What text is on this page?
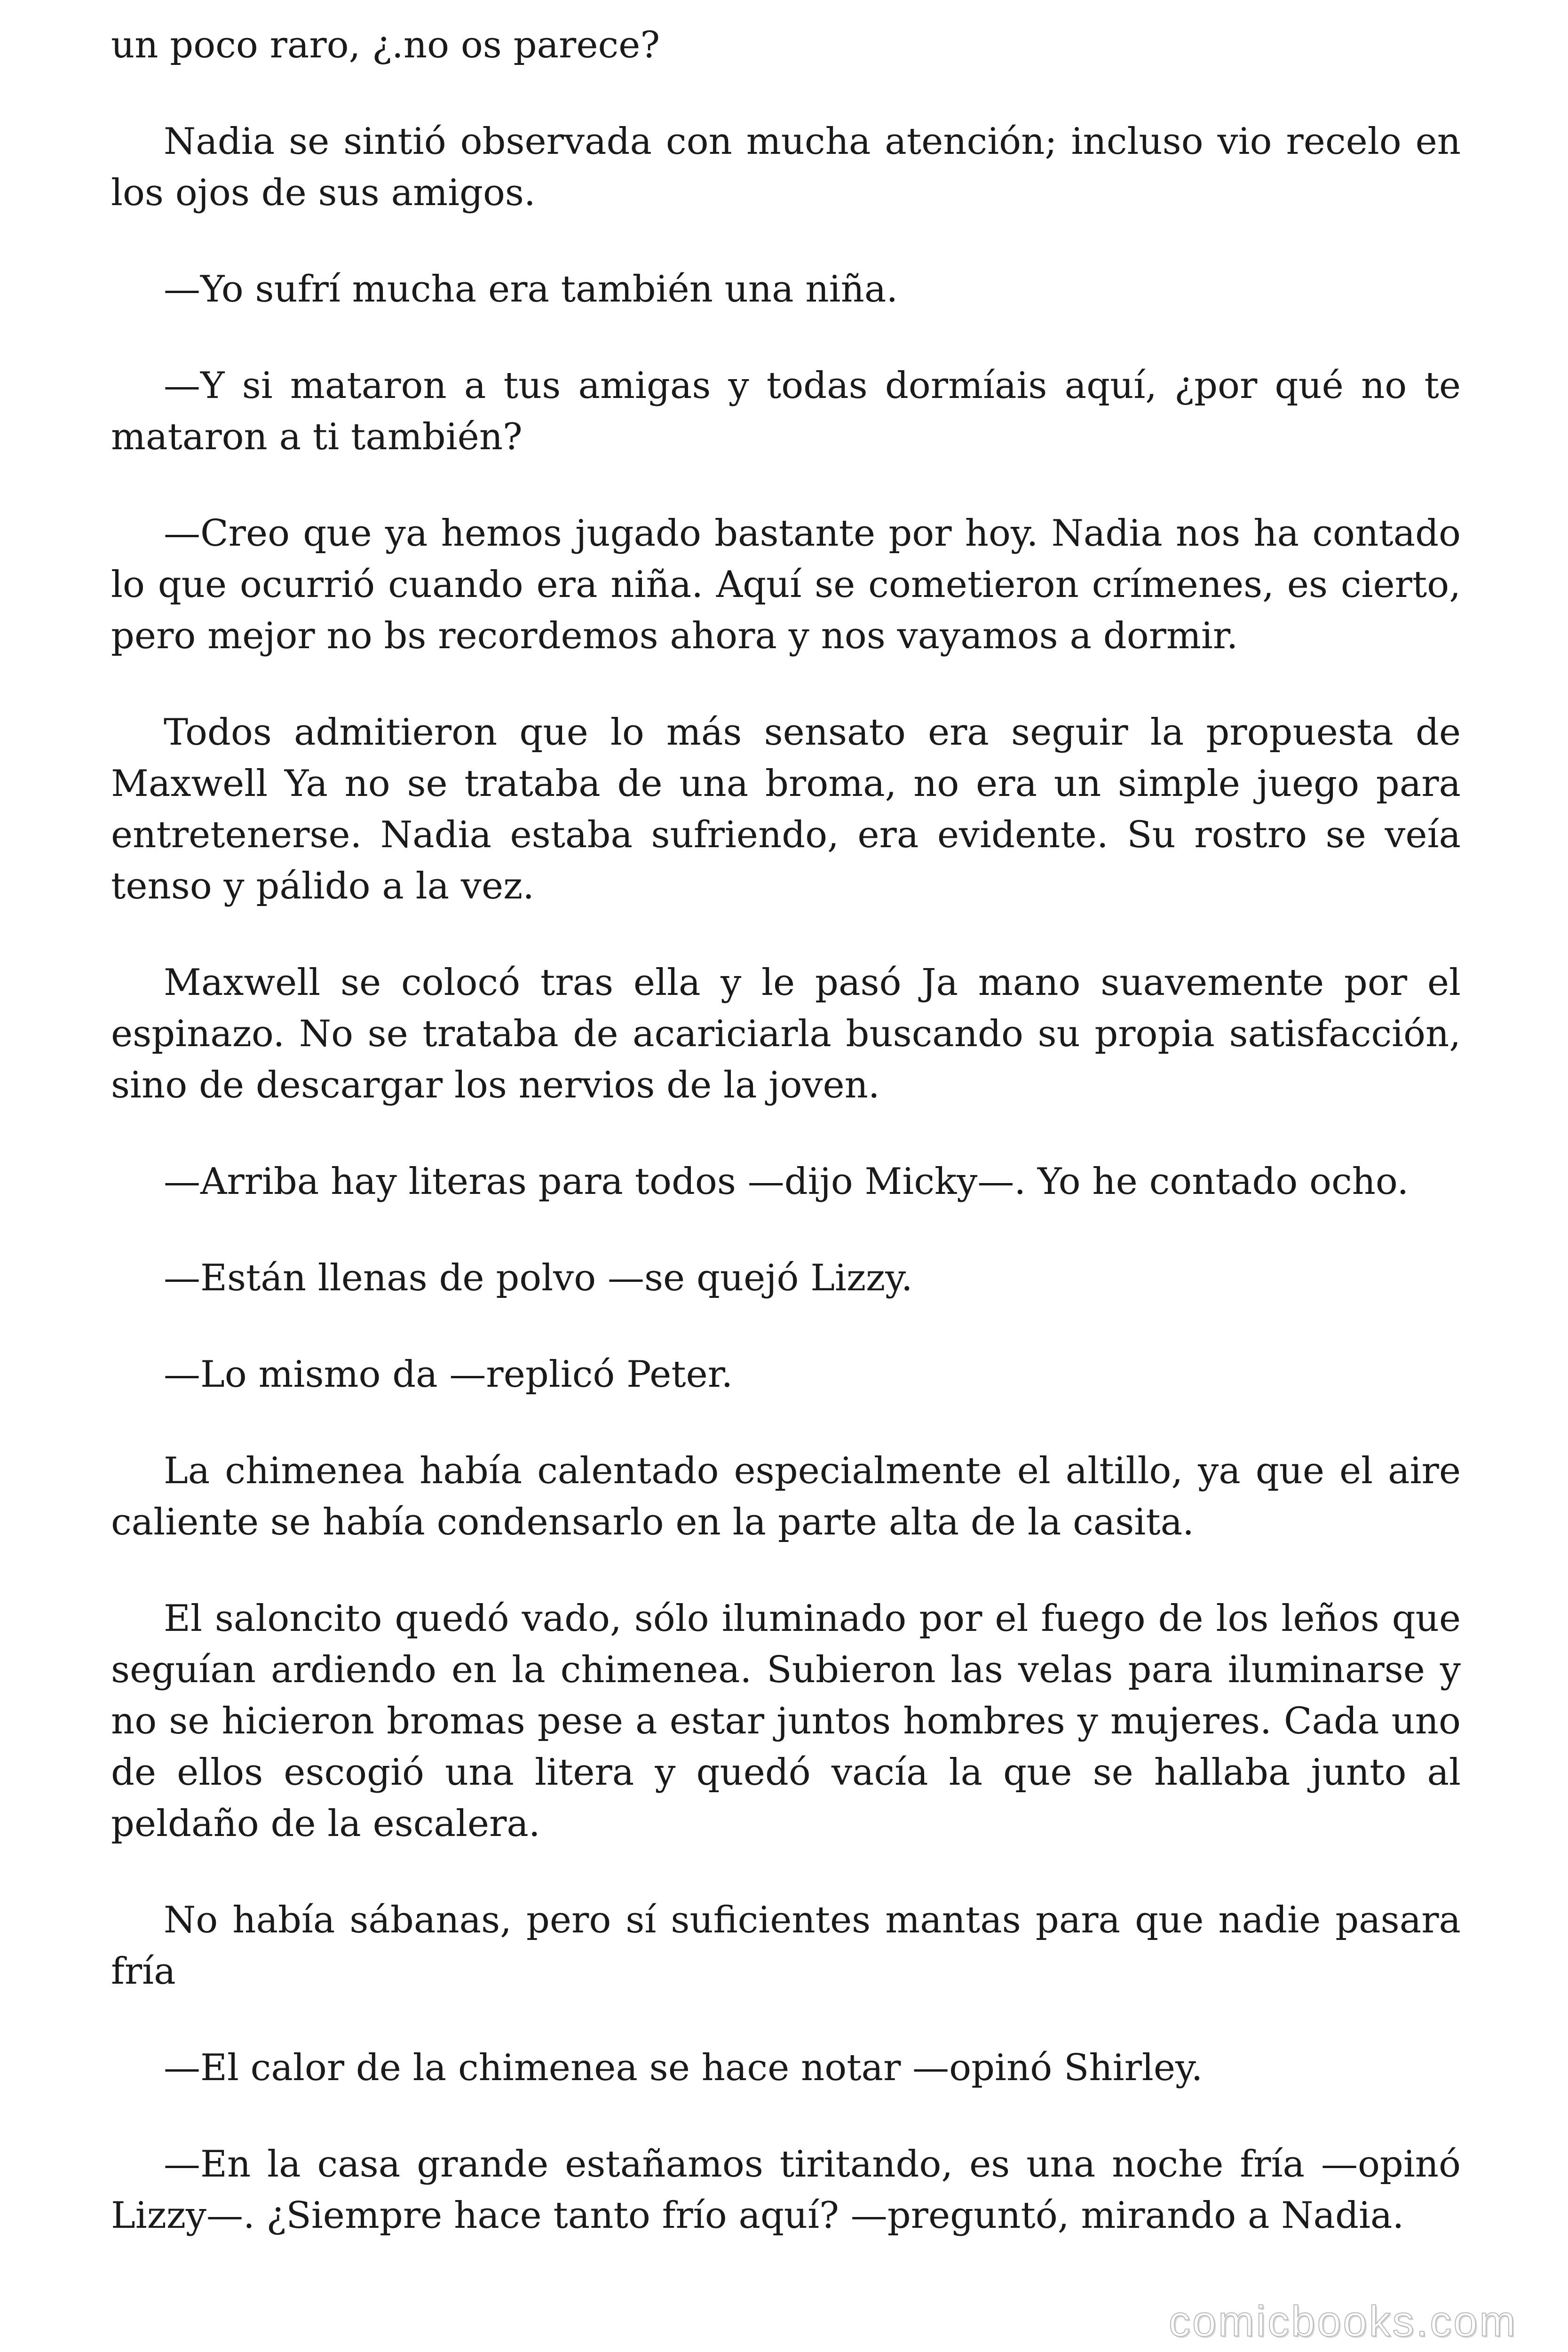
un poco raro, ¿.no os parece?

Nadia se sintió observada con mucha atención; incluso vio recelo en los ojos de sus amigos.

—Yo sufrí mucha era también una niña.

—Y si mataron a tus amigas y todas dormíais aquí, ¿por qué no te mataron a ti también?

—Creo que ya hemos jugado bastante por hoy. Nadia nos ha contado lo que ocurrió cuando era niña. Aquí se cometieron crímenes, es cierto, pero mejor no bs recordemos ahora y nos vayamos a dormir.

Todos admitieron que lo más sensato era seguir la propuesta de Maxwell Ya no se trataba de una broma, no era un simple juego para entretenerse. Nadia estaba sufriendo, era evidente. Su rostro se veía tenso y pálido a la vez.

Maxwell se colocó tras ella y le pasó Ja mano suavemente por el espinazo. No se trataba de acariciarla buscando su propia satisfacción, sino de descargar los nervios de la joven.

—Arriba hay literas para todos —dijo Micky—. Yo he contado ocho.

—Están llenas de polvo —se quejó Lizzy.

—Lo mismo da —replicó Peter.

La chimenea había calentado especialmente el altillo, ya que el aire caliente se había condensarlo en la parte alta de la casita.

El saloncito quedó vado, sólo iluminado por el fuego de los leños que seguían ardiendo en la chimenea. Subieron las velas para iluminarse y no se hicieron bromas pese a estar juntos hombres y mujeres. Cada uno de ellos escogió una litera y quedó vacía la que se hallaba junto al peldaño de la escalera.

No había sábanas, pero sí suficientes mantas para que nadie pasara fría

—El calor de la chimenea se hace notar —opinó Shirley.

—En la casa grande estañamos tiritando, es una noche fría —opinó Lizzy—. ¿Siempre hace tanto frío aquí? —preguntó, mirando a Nadia.

comicbooks.com
